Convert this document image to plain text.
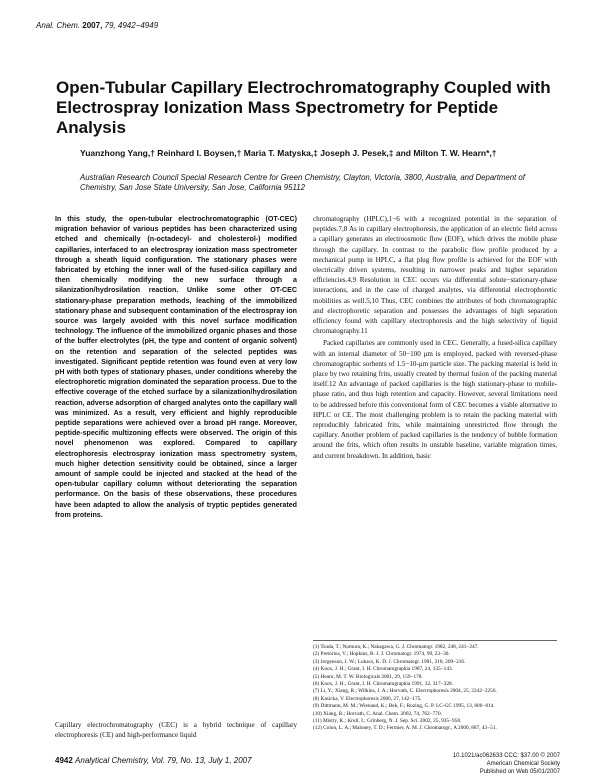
Anal. Chem. 2007, 79, 4942−4949
Open-Tubular Capillary Electrochromatography Coupled with Electrospray Ionization Mass Spectrometry for Peptide Analysis
Yuanzhong Yang,† Reinhard I. Boysen,† Maria T. Matyska,‡ Joseph J. Pesek,‡ and Milton T. W. Hearn*,†
Australian Research Council Special Research Centre for Green Chemistry, Clayton, Victoria, 3800, Australia, and Department of Chemistry, San Jose State University, San Jose, California 95112
In this study, the open-tubular electrochromatographic (OT-CEC) migration behavior of various peptides has been characterized using etched and chemically (n-octadecyl- and cholesterol-) modified capillaries, interfaced to an electrospray ionization mass spectrometer through a sheath liquid configuration. The stationary phases were fabricated by etching the inner wall of the fused-silica capillary and then chemically modifying the new surface through a silanization/hydrosilation reaction. Unlike some other OT-CEC stationary-phase preparation methods, leaching of the immobilized stationary phase and subsequent contamination of the electrospray ion source was largely avoided with this novel surface modification technology. The influence of the immobilized organic phases and those of the buffer electrolytes (pH, the type and content of organic solvent) on the retention and separation of the selected peptides was investigated. Significant peptide retention was found even at very low pH with both types of stationary phases, under conditions whereby the electrophoretic migration dominated the separation process. Due to the effective coverage of the etched surface by a silanization/hydrosilation reaction, adverse adsorption of charged analytes onto the capillary wall was minimized. As a result, very efficient and highly reproducible peptide separations were achieved over a broad pH range. Moreover, peptide-specific multizoning effects were observed. The origin of this novel phenomenon was explored. Compared to capillary electrophoresis electrospray ionization mass spectrometry system, much higher detection sensitivity could be obtained, since a larger amount of sample could be injected and stacked at the head of the open-tubular capillary column without deteriorating the separation performance. On the basis of these observations, these procedures have been adapted to allow the analysis of tryptic peptides generated from proteins.
Capillary electrochromatography (CEC) is a hybrid technique of capillary electrophoresis (CE) and high-performance liquid

chromatography (HPLC),1−6 with a recognized potential in the separation of peptides.7,8 As in capillary electrophoresis, the application of an electric field across a capillary generates an electroosmotic flow (EOF), which drives the mobile phase through the capillary. In contrast to the parabolic flow profile produced by a mechanical pump in HPLC, a flat plug flow profile is achieved for the EOF with electrically driven systems, resulting in narrower peaks and higher separation efficiencies.4,9 Resolution in CEC occurs via differential solute−stationary-phase interactions, and in the case of charged analytes, via differential electrophoretic mobilities as well.5,10 Thus, CEC combines the attributes of both chromatographic and electrophoretic separation and possesses the advantages of high separation efficiency found with capillary electrophoresis and the high selectivity of liquid chromatography.11

Packed capillaries are commonly used in CEC. Generally, a fused-silica capillary with an internal diameter of 50−100 μm is employed, packed with reversed-phase chromatographic sorbents of 1.5−10-μm particle size. The packing material is held in place by two retaining frits, usually created by thermal fusion of the packing material itself.12 An advantage of packed capillaries is the high stationary-phase to mobile-phase ratio, and thus high retention and capacity. However, several limitations need to be addressed before this conventional form of CEC becomes a viable alternative to HPLC or CE. The most challenging problem is to retain the packing material with reproducibly fabricated frits, while maintaining unrestricted flow through the capillary. Another problem of packed capillaries is the tendency of bubble formation around the frits, which often results in unstable baseline, variable migration times, and current breakdown. In addition, basic

(1) Tsuda, T.; Nomura, K.; Nakagawa, G. J. Chromatogr. 1982, 248, 241−247.
(2) Pretorius, V.; Hopkins, B. J. J. Chromatogr. 1974, 99, 23−30.
(3) Jorgenson, J. W.; Lukacs, K. D. J. Chromatogr. 1981, 218, 209−216.
(4) Knox, J. H.; Grant, I. H. Chromatographia 1987, 24, 135−143.
(5) Hearn, M. T. W. Biologicals 2001, 29, 159−178.
(6) Knox, J. H.; Grant, I. H. Chromatographia 1991, 32, 317−328.
(7) Li, Y.; Xiang, R.; Wilkins, J. A.; Horvath, C. Electrophoresis 2004, 25, 2242−2256.
(8) Kasicka, V. Electrophoresis 2006, 27, 142−175.
(9) Dittmann, M. M.; Wienand, K.; Bek, F.; Rozing, G. P. LC-GC 1995, 13, 800−814.
(10) Xiang, R.; Horvath, C. Anal. Chem. 2002, 74, 762−770.
(11) Mistry, K.; Krull, I.; Grinberg, N. J. Sep. Sci. 2002, 25, 935−958.
(12) Colon, L. A.; Maloney, T. D.; Fermier, A. M. J. Chromatogr., A 2000, 887, 43−51.
4942 Analytical Chemistry, Vol. 79, No. 13, July 1, 2007	10.1021/ac062633 CCC: $37.00 © 2007 American Chemical Society
Published on Web 05/01/2007
